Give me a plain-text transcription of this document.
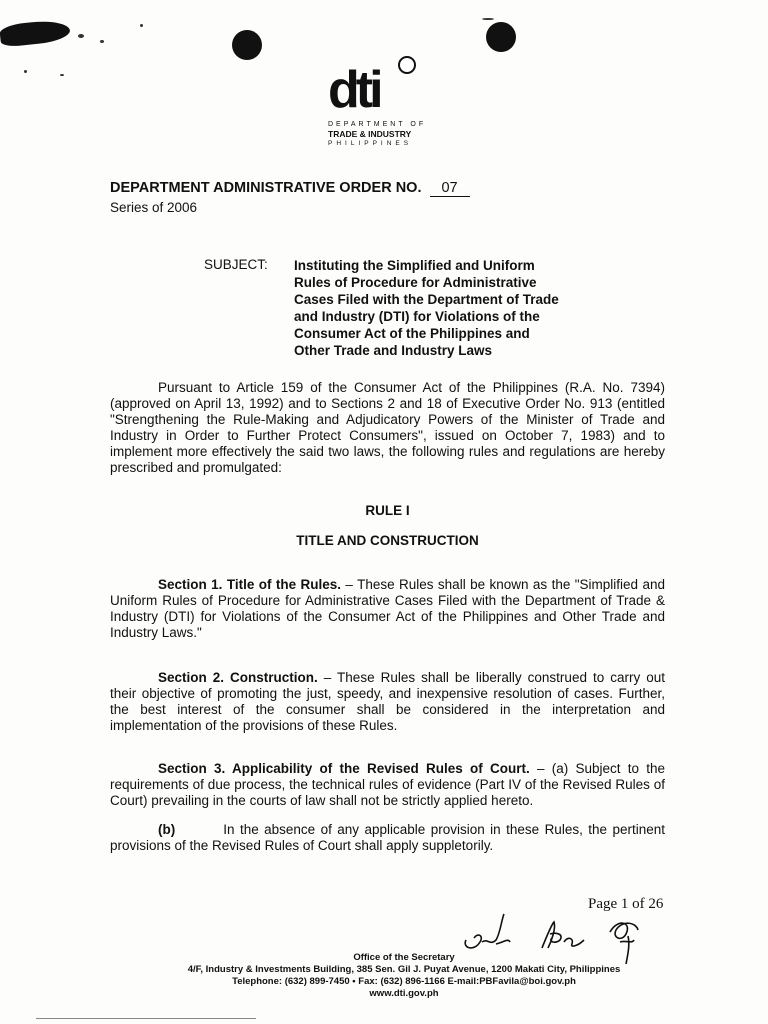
dti
DEPARTMENT OF
TRADE & INDUSTRY
PHILIPPINES
DEPARTMENT ADMINISTRATIVE ORDER NO. 07
Series of 2006
SUBJECT: Instituting the Simplified and Uniform
Rules of Procedure for Administrative
Cases Filed with the Department of Trade
and Industry (DTI) for Violations of the
Consumer Act of the Philippines and
Other Trade and Industry Laws
Pursuant to Article 159 of the Consumer Act of the Philippines (R.A. No. 7394) (approved on April 13, 1992) and to Sections 2 and 18 of Executive Order No. 913 (entitled "Strengthening the Rule-Making and Adjudicatory Powers of the Minister of Trade and Industry in Order to Further Protect Consumers", issued on October 7, 1983) and to implement more effectively the said two laws, the following rules and regulations are hereby prescribed and promulgated:
RULE I
TITLE AND CONSTRUCTION
Section 1. Title of the Rules. – These Rules shall be known as the "Simplified and Uniform Rules of Procedure for Administrative Cases Filed with the Department of Trade & Industry (DTI) for Violations of the Consumer Act of the Philippines and Other Trade and Industry Laws."
Section 2. Construction. – These Rules shall be liberally construed to carry out their objective of promoting the just, speedy, and inexpensive resolution of cases. Further, the best interest of the consumer shall be considered in the interpretation and implementation of the provisions of these Rules.
Section 3. Applicability of the Revised Rules of Court. – (a) Subject to the requirements of due process, the technical rules of evidence (Part IV of the Revised Rules of Court) prevailing in the courts of law shall not be strictly applied hereto.
(b)	In the absence of any applicable provision in these Rules, the pertinent provisions of the Revised Rules of Court shall apply suppletorily.
Page 1 of 26
Office of the Secretary
4/F, Industry & Investments Building, 385 Sen. Gil J. Puyat Avenue, 1200 Makati City, Philippines
Telephone: (632) 899-7450 • Fax: (632) 896-1166 E-mail:PBFavila@boi.gov.ph
www.dti.gov.ph
